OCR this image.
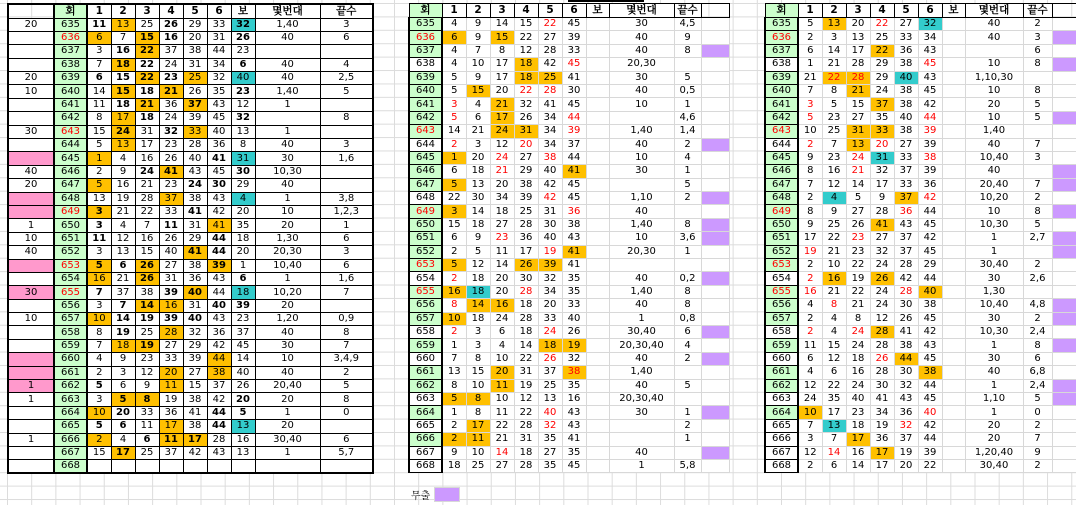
	회	1	2	3	4	5	6	보	몇번대	끝수
20	635	11	13	25	26	29	33	32	1,40	3
	636	6	7	15	16	20	31	26	40	6
	637	3	16	22	37	38	44	23		
	638	7	18	22	24	31	34	6	40	4
20	639	6	15	22	23	25	32	40	40	2,5
10	640	14	15	18	21	26	35	23	1,40	5
	641	11	18	21	36	37	43	12	1	
	642	8	17	18	24	39	45	32		8
30	643	15	24	31	32	33	40	13	1	
	644	5	13	17	23	28	36	8	40	3
	645	1	4	16	26	40	41	31	30	1,6
40	646	2	9	24	41	43	45	30	10,30	
20	647	5	16	21	23	24	30	29	40	
	648	13	19	28	37	38	43	4	1	3,8
	649	3	21	22	33	41	42	20	10	1,2,3
1	650	3	4	7	11	31	41	35	20	1
10	651	11	12	16	26	29	44	18	1,30	6
40	652	3	13	15	40	41	44	20	20,30	3
	653	5	6	26	27	38	39	1	10,40	6
	654	16	21	26	31	36	43	6	1	1,6
30	655	7	37	38	39	40	44	18	10,20	7
	656	3	7	14	16	31	40	39	20	
10	657	10	14	19	39	40	43	23	1,20	0,9
	658	8	19	25	28	32	36	37	40	8
	659	7	18	19	27	29	42	45	30	7
	660	4	9	23	33	39	44	14	10	3,4,9
	661	2	3	12	20	27	38	40	40	2
1	662	5	6	9	11	15	37	26	20,40	5
1	663	3	5	8	19	38	42	20	20	8
	664	10	20	33	36	41	44	5	1	0
	665	5	6	11	17	38	44	13	20	
1	666	2	4	6	11	17	28	16	30,40	6
	667	15	17	25	37	42	43	13	1	5,7
	668									
회	1	2	3	4	5	6	보	몇번대	끝수	
635	4	9	14	15	22	45		30	4,5	
636	6	9	15	22	27	39		40	9	
637	4	7	8	12	28	33		40	8	
638	4	10	17	18	42	45		20,30		
639	5	9	17	18	25	41		30	5	
640	5	15	20	22	28	30		40	0,5	
641	3	4	21	32	41	45		10	1	
642	5	6	17	26	34	44			4,6	
643	14	21	24	31	34	39		1,40	1,4	
644	2	3	12	20	34	37		40	2	
645	1	20	24	27	38	44		10	4	
646	6	18	21	29	40	41		30	1	
647	5	13	20	38	42	45			5	
648	22	30	34	39	42	45		1,10	2	
649	3	14	18	25	31	36		40		
650	15	18	27	28	30	38		1,40	8	
651	6	9	23	36	40	43		10	3,6	
652	2	5	11	17	19	41		20,30	1	
653	5	12	14	26	39	41				
654	2	18	20	30	32	35		40	0,2	
655	16	18	20	28	34	35		1,40	8	
656	8	14	16	18	20	33		40	8	
657	10	18	24	28	33	40		1	0,8	
658	2	3	6	18	24	26		30,40	6	
659	1	3	4	14	18	19		20,30,40	4	
660	7	8	10	22	26	32		40	2	
661	13	15	20	31	37	38		1,40		
662	8	10	11	19	25	35		40	5	
663	5	8	10	12	13	16		20,30,40		
664	1	8	11	22	40	43		30	1	
665	2	17	22	28	32	43			2	
666	2	11	21	31	35	41			1	
667	9	10	14	18	27	35		40		
668	18	25	27	28	35	45		1	5,8	
회	1	2	3	4	5	6	보	몇번대	끝수	
635	5	13	20	22	27	32		40	2	
636	2	3	13	25	33	34		40	3	
637	6	14	17	22	36	43			6	
638	1	21	28	29	38	45		10	8	
639	21	22	28	29	40	43		1,10,30		
640	7	8	21	24	38	45		10	8	
641	3	5	15	37	38	42		20	5	
642	5	23	27	35	40	44		10	5	
643	10	25	31	33	38	39		1,40		
644	2	7	13	20	27	39		40	7	
645	9	23	24	31	33	38		10,40	3	
646	8	16	21	32	37	39		40		
647	7	12	14	17	33	36		20,40	7	
648	2	4	5	9	37	42		10,20	2	
649	8	9	27	28	36	44		10	8	
650	9	25	26	41	43	45		10,30	5	
651	17	22	23	27	37	42		1	2,7	
652	19	21	23	32	37	45		1		
653	2	10	22	24	28	29		30,40	2	
654	2	16	19	26	42	44		30	2,6	
655	16	21	22	24	28	40		1,30		
656	4	8	21	24	30	38		10,40	4,8	
657	2	4	8	12	26	45		30	2	
658	2	4	24	28	41	42		10,30	2,4	
659	11	15	24	28	38	43		1	8	
660	6	12	18	26	44	45		30	6	
661	4	6	16	28	30	38		40	6,8	
662	12	22	24	30	32	44		1	2,4	
663	24	35	40	41	43	45		1,10	5	
664	10	17	23	34	36	40		1	0	
665	7	13	18	19	32	42		20	2	
666	3	7	17	36	37	44		20	7	
667	12	14	16	17	19	39		1,20,40	9	
668	2	6	14	17	20	22		30,40	2	
무출
